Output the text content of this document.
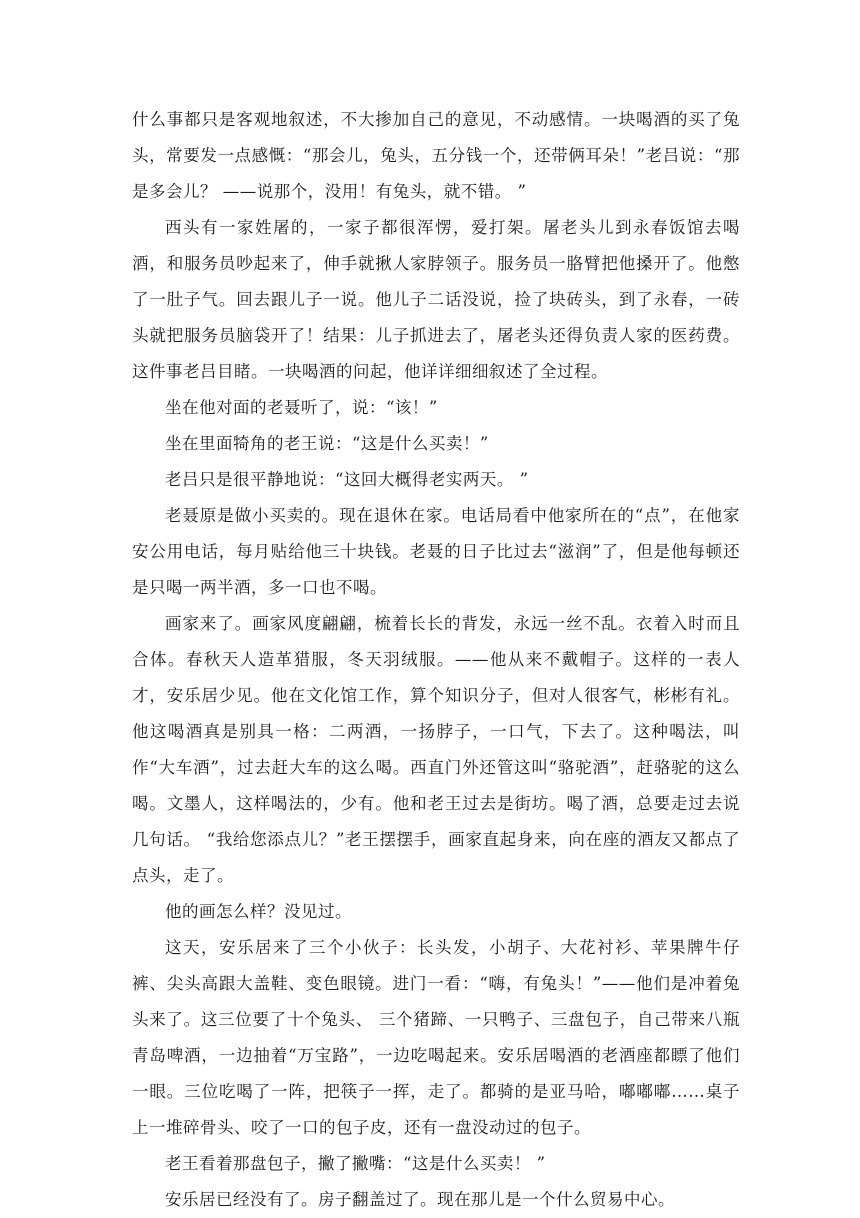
什么事都只是客观地叙述，不大掺加自己的意见，不动感情。一块喝酒的买了兔头，常要发一点感慨：“那会儿，兔头，五分钱一个，还带俩耳朵！”老吕说：“那是多会儿？ ——说那个，没用！有兔头，就不错。 ”

西头有一家姓屠的，一家子都很浑愣，爱打架。屠老头儿到永春饭馆去喝酒，和服务员吵起来了，伸手就揪人家脖领子。服务员一胳臂把他搡开了。他憋了一肚子气。回去跟儿子一说。他儿子二话没说，捡了块砖头，到了永春，一砖头就把服务员脑袋开了！结果：儿子抓进去了，屠老头还得负责人家的医药费。这件事老吕目睹。一块喝酒的问起，他详详细细叙述了全过程。

坐在他对面的老聂听了，说：“该！”

坐在里面犄角的老王说：“这是什么买卖！”

老吕只是很平静地说：“这回大概得老实两天。 ”

老聂原是做小买卖的。现在退休在家。电话局看中他家所在的“点”，在他家安公用电话，每月贴给他三十块钱。老聂的日子比过去“滋润”了，但是他每顿还是只喝一两半酒，多一口也不喝。

画家来了。画家风度翩翩，梳着长长的背发，永远一丝不乱。衣着入时而且合体。春秋天人造革猎服，冬天羽绒服。——他从来不戴帽子。这样的一表人才，安乐居少见。他在文化馆工作，算个知识分子，但对人很客气，彬彬有礼。他这喝酒真是别具一格：二两酒，一扬脖子，一口气，下去了。这种喝法，叫作“大车酒”，过去赶大车的这么喝。西直门外还管这叫“骆驼酒”，赶骆驼的这么喝。文墨人，这样喝法的，少有。他和老王过去是街坊。喝了酒，总要走过去说几句话。 “我给您添点儿？”老王摆摆手，画家直起身来，向在座的酒友又都点了点头，走了。

他的画怎么样？没见过。

这天，安乐居来了三个小伙子：长头发，小胡子、大花衬衫、苹果牌牛仔裤、尖头高跟大盖鞋、变色眼镜。进门一看：“嗨，有兔头！”——他们是冲着兔头来了。这三位要了十个兔头、 三个猪蹄、一只鸭子、三盘包子，自己带来八瓶青岛啤酒，一边抽着“万宝路”，一边吃喝起来。安乐居喝酒的老酒座都瞟了他们一眼。三位吃喝了一阵，把筷子一挥，走了。都骑的是亚马哈，嘟嘟嘟……桌子上一堆碎骨头、咬了一口的包子皮，还有一盘没动过的包子。

老王看着那盘包子，撇了撇嘴：“这是什么买卖！ ”

安乐居已经没有了。房子翻盖过了。现在那儿是一个什么贸易中心。
